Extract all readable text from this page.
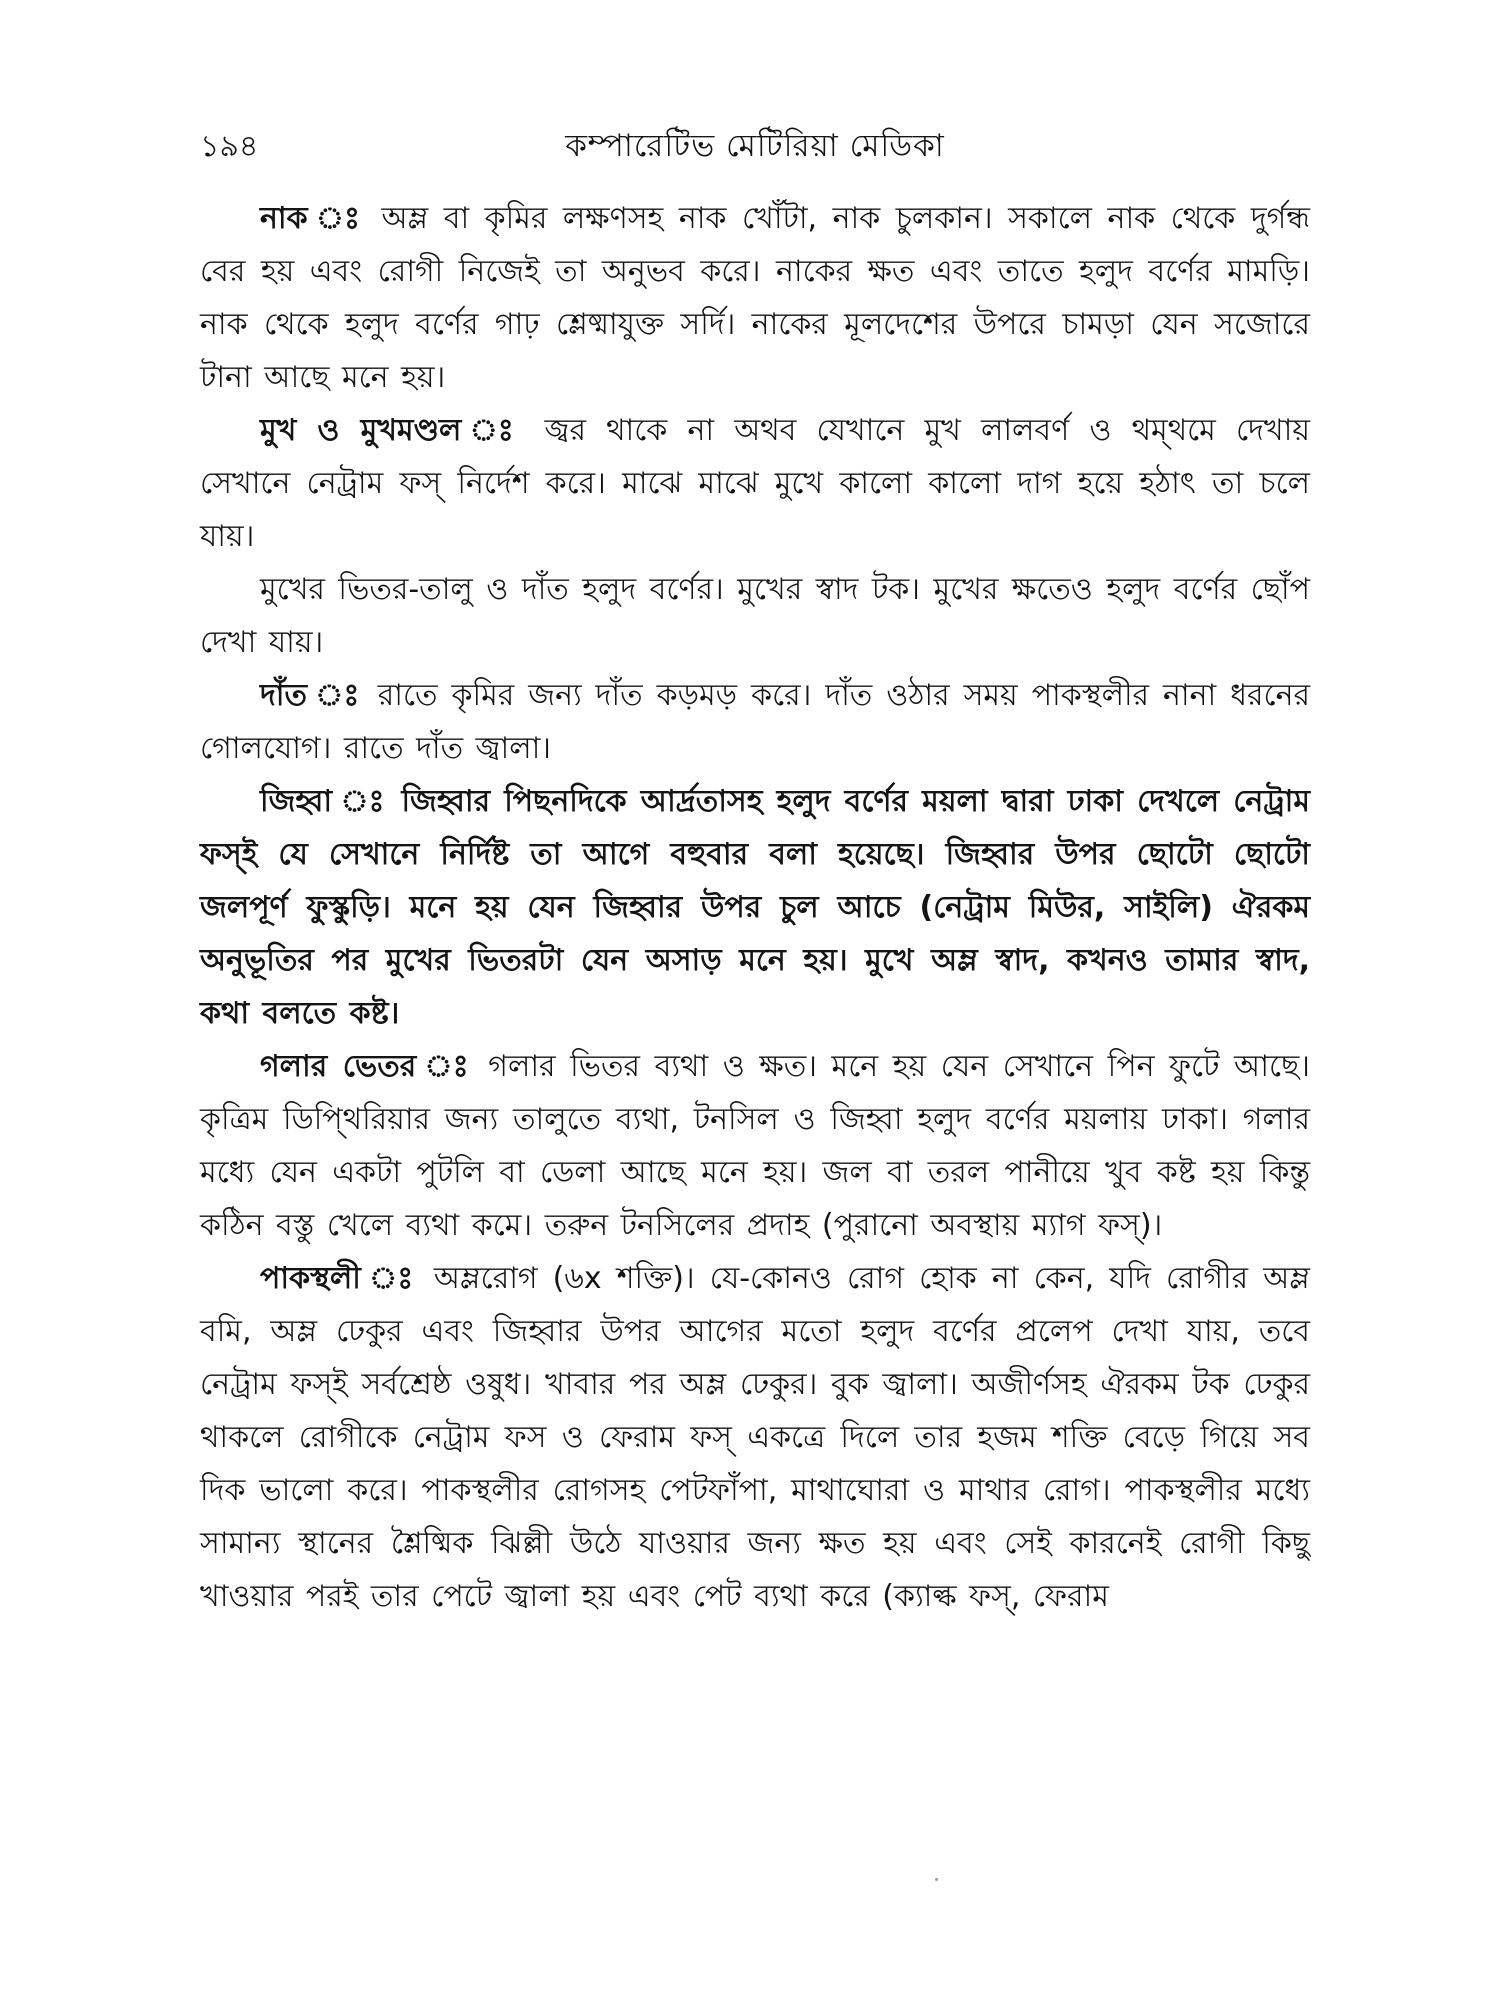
১৯৪	কম্পারেটিভ মেটিরিয়া মেডিকা

নাক ঃ অম্ল বা কৃমির লক্ষণসহ নাক খোঁটা, নাক চুলকান। সকালে নাক থেকে দুর্গন্ধ বের হয় এবং রোগী নিজেই তা অনুভব করে। নাকের ক্ষত এবং তাতে হলুদ বর্ণের মামড়ি। নাক থেকে হলুদ বর্ণের গাঢ় শ্লেষ্মাযুক্ত সর্দি। নাকের মূলদেশের উপরে চামড়া যেন সজোরে টানা আছে মনে হয়।

মুখ ও মুখমণ্ডল ঃ জ্বর থাকে না অথব যেখানে মুখ লালবর্ণ ও থম্‌থমে দেখায় সেখানে নেট্রাম ফস্‌ নির্দেশ করে। মাঝে মাঝে মুখে কালো কালো দাগ হয়ে হঠাৎ তা চলে যায়।

মুখের ভিতর-তালু ও দাঁত হলুদ বর্ণের। মুখের স্বাদ টক। মুখের ক্ষতেও হলুদ বর্ণের ছোঁপ দেখা যায়।

দাঁত ঃ রাতে কৃমির জন্য দাঁত কড়মড় করে। দাঁত ওঠার সময় পাকস্থলীর নানা ধরনের গোলযোগ। রাতে দাঁত জ্বালা।

জিহ্বা ঃ জিহ্বার পিছনদিকে আর্দ্রতাসহ হলুদ বর্ণের ময়লা দ্বারা ঢাকা দেখলে নেট্রাম ফস্‌ই যে সেখানে নির্দিষ্ট তা আগে বহুবার বলা হয়েছে। জিহ্বার উপর ছোটো ছোটো জলপূর্ণ ফুস্কুড়ি। মনে হয় যেন জিহ্বার উপর চুল আচে (নেট্রাম মিউর, সাইলি) ঐরকম অনুভূতির পর মুখের ভিতরটা যেন অসাড় মনে হয়। মুখে অম্ল স্বাদ, কখনও তামার স্বাদ, কথা বলতে কষ্ট।

গলার ভেতর ঃ গলার ভিতর ব্যথা ও ক্ষত। মনে হয় যেন সেখানে পিন ফুটে আছে। কৃত্রিম ডিপ্থিরিয়ার জন্য তালুতে ব্যথা, টনসিল ও জিহ্বা হলুদ বর্ণের ময়লায় ঢাকা। গলার মধ্যে যেন একটা পুটলি বা ডেলা আছে মনে হয়। জল বা তরল পানীয়ে খুব কষ্ট হয় কিন্তু কঠিন বস্তু খেলে ব্যথা কমে। তরুন টনসিলের প্রদাহ (পুরানো অবস্থায় ম্যাগ ফস্‌)।

পাকস্থলী ঃ অম্লরোগ (৬x শক্তি)। যে-কোনও রোগ হোক না কেন, যদি রোগীর অম্ল বমি, অম্ল ঢেকুর এবং জিহ্বার উপর আগের মতো হলুদ বর্ণের প্রলেপ দেখা যায়, তবে নেট্রাম ফস্‌ই সর্বশ্রেষ্ঠ ওষুধ। খাবার পর অম্ল ঢেকুর। বুক জ্বালা। অজীর্ণসহ ঐরকম টক ঢেকুর থাকলে রোগীকে নেট্রাম ফস ও ফেরাম ফস্‌ একত্রে দিলে তার হজম শক্তি বেড়ে গিয়ে সব দিক ভালো করে। পাকস্থলীর রোগসহ পেটফাঁপা, মাথাঘোরা ও মাথার রোগ। পাকস্থলীর মধ্যে সামান্য স্থানের শ্লৈষ্মিক ঝিল্লী উঠে যাওয়ার জন্য ক্ষত হয় এবং সেই কারনেই রোগী কিছু খাওয়ার পরই তার পেটে জ্বালা হয় এবং পেট ব্যথা করে (ক্যাল্ক ফস্‌, ফেরাম
